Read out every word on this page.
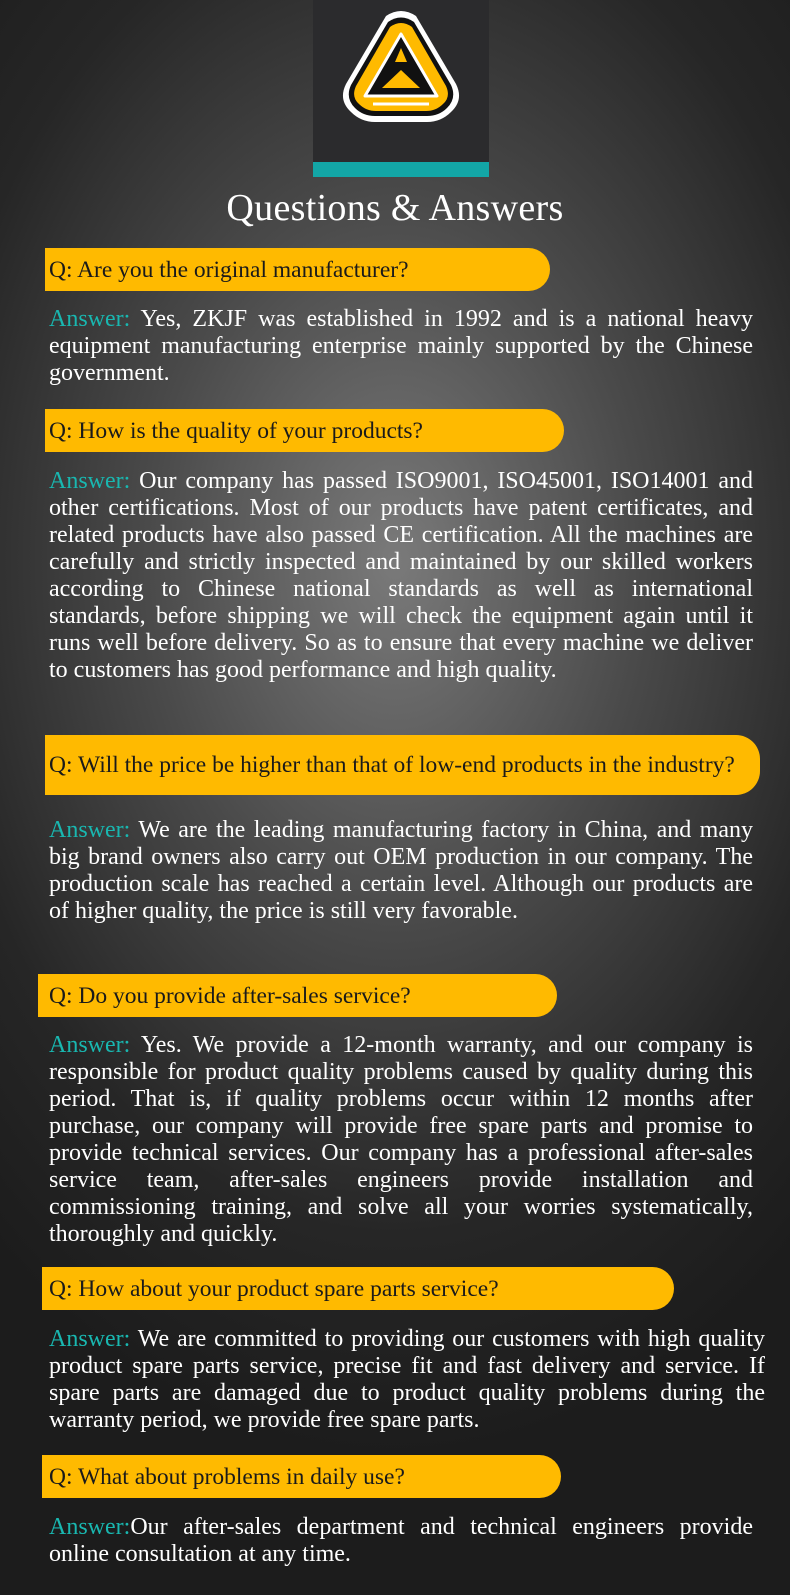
Questions & Answers
Q: Are you the original manufacturer?
Answer: Yes, ZKJF was established in 1992 and is a national heavy equipment manufacturing enterprise mainly supported by the Chinese government.
Q: How is the quality of your products?
Answer: Our company has passed ISO9001, ISO45001, ISO14001 and other certifications. Most of our products have patent certificates, and related products have also passed CE certification. All the machines are carefully and strictly inspected and maintained by our skilled workers according to Chinese national standards as well as international standards, before shipping we will check the equipment again until it runs well before delivery. So as to ensure that every machine we deliver to customers has good performance and high quality.
Q: Will the price be higher than that of low-end products in the industry?
Answer: We are the leading manufacturing factory in China, and many big brand owners also carry out OEM production in our company. The production scale has reached a certain level. Although our products are of higher quality, the price is still very favorable.
Q: Do you provide after-sales service?
Answer: Yes. We provide a 12-month warranty, and our company is responsible for product quality problems caused by quality during this period. That is, if quality problems occur within 12 months after purchase, our company will provide free spare parts and promise to provide technical services. Our company has a professional after-sales service team, after-sales engineers provide installation and commissioning training, and solve all your worries systematically, thoroughly and quickly.
Q: How about your product spare parts service?
Answer: We are committed to providing our customers with high quality product spare parts service, precise fit and fast delivery and service. If spare parts are damaged due to product quality problems during the warranty period, we provide free spare parts.
Q: What about problems in daily use?
Answer:Our after-sales department and technical engineers provide online consultation at any time.
